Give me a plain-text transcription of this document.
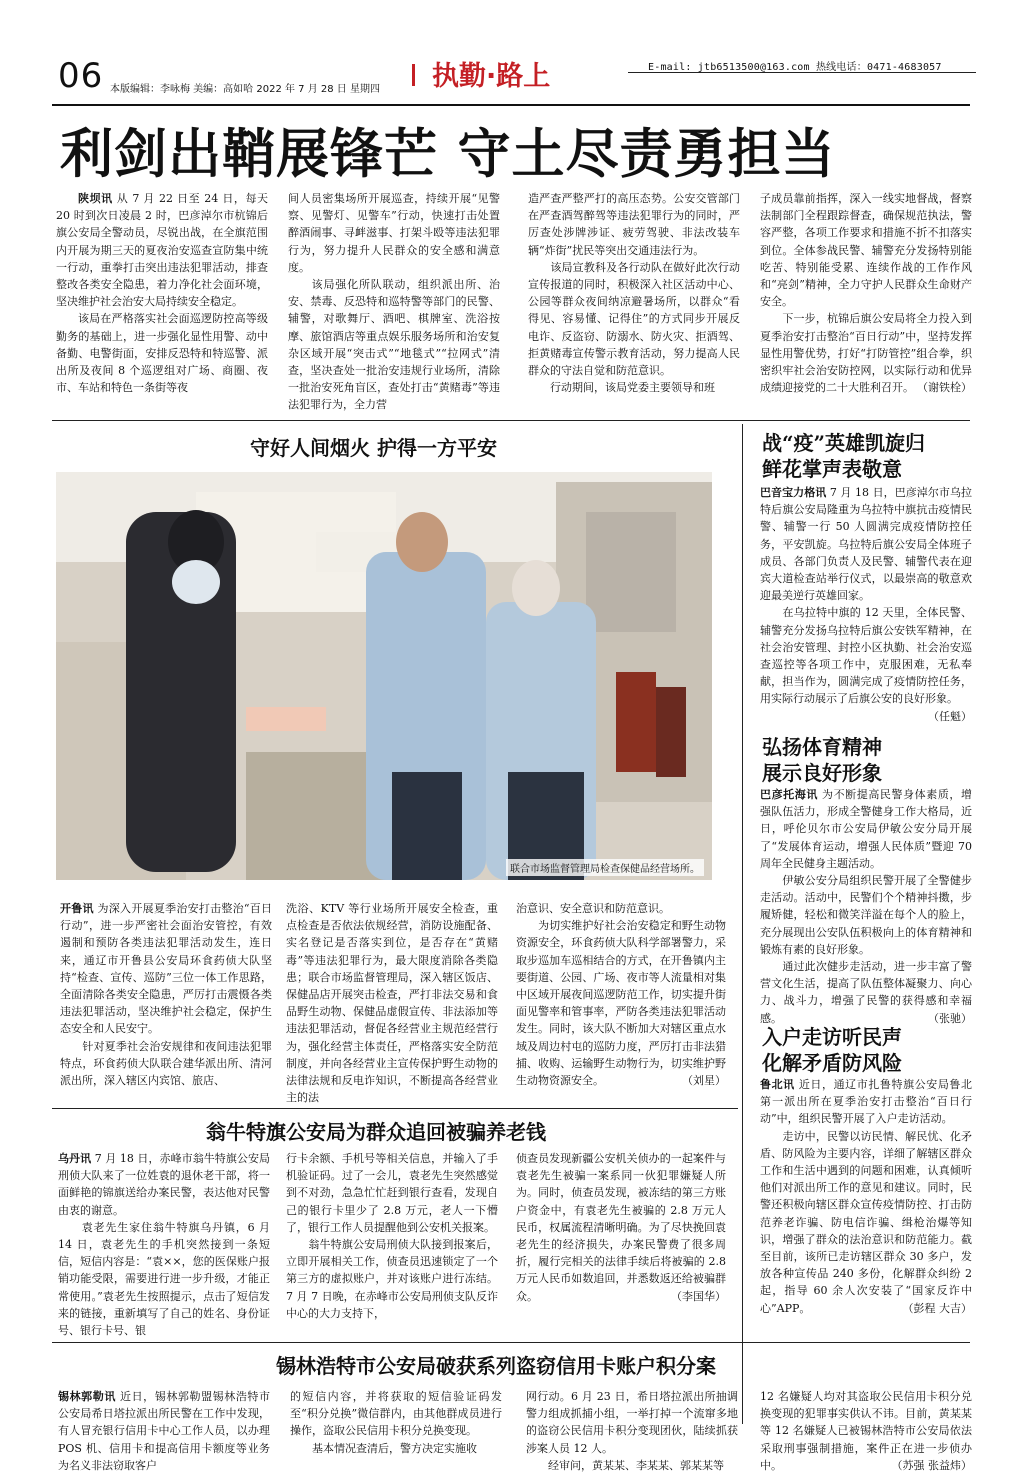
06 本版编辑：李咏梅 美编：高如哈 2022 年 7 月 28 日 星期四 执勤·路上	E-mail: jtb6513500@163.com 热线电话：0471-4683057
利剑出鞘展锋芒 守土尽责勇担当

陕坝讯 从 7 月 22 日至 24 日，每天 20 时到次日凌晨 2 时，巴彦淖尔市杭锦后旗公安局全警动员，尽锐出战，在全旗范围内开展为期三天的夏夜治安巡查宣防集中统一行动，重拳打击突出违法犯罪活动，排查整改各类安全隐患，着力净化社会面环境，坚决维护社会治安大局持续安全稳定。

该局在严格落实社会面巡逻防控高等级勤务的基础上，进一步强化显性用警、动中备勤、电警街面，安排反恐特和特巡警、派出所及夜间 8 个巡逻组对广场、商圈、夜市、车站和特色一条街等夜

间人员密集场所开展巡查，持续开展“见警察、见警灯、见警车”行动，快速打击处置醉酒闹事、寻衅滋事、打架斗殴等违法犯罪行为，努力提升人民群众的安全感和满意度。
　　该局强化所队联动，组织派出所、治安、禁毒、反恐特和巡特警等部门的民警、辅警，对歌舞厅、酒吧、棋牌室、洗浴按摩、旅馆酒店等重点娱乐服务场所和治安复杂区域开展“突击式”“地毯式”“拉网式”清查，坚决查处一批治安违规行业场所，清除一批治安死角盲区，查处打击“黄赌毒”等违法犯罪行为，全力营
造严查严整严打的高压态势。公安交管部门在严查酒驾醉驾等违法犯罪行为的同时，严厉查处涉牌涉证、疲劳驾驶、非法改装车辆“炸街”扰民等突出交通违法行为。
　　该局宣教科及各行动队在做好此次行动宣传报道的同时，积极深入社区活动中心、公园等群众夜间纳凉避暑场所，以群众“看得见、容易懂、记得住”的方式同步开展反电诈、反盗窃、防溺水、防火灾、拒酒驾、拒黄赌毒宣传警示教育活动，努力提高人民群众的守法自觉和防范意识。
　　行动期间，该局党委主要领导和班
子成员靠前指挥，深入一线实地督战，督察法制部门全程跟踪督查，确保规范执法，警容严整，各项工作要求和措施不折不扣落实到位。全体参战民警、辅警充分发扬特别能吃苦、特别能受累、连续作战的工作作风和“亮剑”精神，全力守护人民群众生命财产安全。
　　下一步，杭锦后旗公安局将全力投入到夏季治安打击整治“百日行动”中，坚持发挥显性用警优势，打好“打防管控”组合拳，织密织牢社会治安防控网，以实际行动和优异成绩迎接党的二十大胜利召开。 （谢铁栓）
守好人间烟火 护得一方平安
联合市场监督管理局检查保健品经营场所。
开鲁讯 为深入开展夏季治安打击整治“百日行动”，进一步严密社会面治安管控，有效遏制和预防各类违法犯罪活动发生，连日来，通辽市开鲁县公安局环食药侦大队坚持“检查、宣传、巡防”三位一体工作思路，全面清除各类安全隐患，严厉打击震慑各类违法犯罪活动，坚决维护社会稳定，保护生态安全和人民安宁。
　　针对夏季社会治安规律和夜间违法犯罪特点，环食药侦大队联合建华派出所、清河派出所，深入辖区内宾馆、旅店、
洗浴、KTV 等行业场所开展安全检查，重点检查是否依法依规经营，消防设施配备、实名登记是否落实到位，是否存在“黄赌毒”等违法犯罪行为，最大限度消除各类隐患；联合市场监督管理局，深入辖区饭店、保健品店开展突击检查，严打非法交易和食品野生动物、保健品虚假宣传、非法添加等违法犯罪活动，督促各经营业主规范经营行为，强化经营主体责任，严格落实安全防范制度，并向各经营业主宣传保护野生动物的法律法规和反电诈知识，不断提高各经营业主的法
治意识、安全意识和防范意识。
　　为切实维护好社会治安稳定和野生动物资源安全，环食药侦大队科学部署警力，采取步巡加车巡相结合的方式，在开鲁镇内主要街道、公园、广场、夜市等人流量相对集中区域开展夜间巡逻防范工作，切实提升街面见警率和管事率，严防各类违法犯罪活动发生。同时，该大队不断加大对辖区重点水域及周边村屯的巡防力度，严厉打击非法猎捕、收购、运输野生动物行为，切实维护野生动物资源安全。	（刘星）
战“疫”英雄凯旋归
鲜花掌声表敬意
巴音宝力格讯 7 月 18 日，巴彦淖尔市乌拉特后旗公安局隆重为乌拉特中旗抗击疫情民警、辅警一行 50 人圆满完成疫情防控任务，平安凯旋。乌拉特后旗公安局全体班子成员、各部门负责人及民警、辅警代表在迎宾大道检查站举行仪式，以最崇高的敬意欢迎最美逆行英雄回家。
　　在乌拉特中旗的 12 天里，全体民警、辅警充分发扬乌拉特后旗公安铁军精神，在社会治安管理、封控小区执勤、社会治安巡查巡控等各项工作中，克服困难，无私奉献，担当作为，圆满完成了疫情防控任务，用实际行动展示了后旗公安的良好形象。
（任魁）
弘扬体育精神
展示良好形象
巴彦托海讯 为不断提高民警身体素质，增强队伍活力，形成全警健身工作大格局，近日，呼伦贝尔市公安局伊敏公安分局开展了“发展体育运动，增强人民体质”暨迎 70 周年全民健身主题活动。
　　伊敏公安分局组织民警开展了全警健步走活动。活动中，民警们个个精神抖擞，步履矫健，轻松和微笑洋溢在每个人的脸上，充分展现出公安队伍积极向上的体育精神和锻炼有素的良好形象。
　　通过此次健步走活动，进一步丰富了警营文化生活，提高了队伍整体凝聚力、向心力、战斗力，增强了民警的获得感和幸福感。	（张驰）
入户走访听民声
化解矛盾防风险
鲁北讯 近日，通辽市扎鲁特旗公安局鲁北第一派出所在夏季治安打击整治“百日行动”中，组织民警开展了入户走访活动。
　　走访中，民警以访民情、解民忧、化矛盾、防风险为主要内容，详细了解辖区群众工作和生活中遇到的问题和困难，认真倾听他们对派出所工作的意见和建议。同时，民警还积极向辖区群众宣传疫情防控、打击防范养老诈骗、防电信诈骗、缉枪治爆等知识，增强了群众的法治意识和防范能力。截至目前，该所已走访辖区群众 30 多户，发放各种宣传品 240 多份，化解群众纠纷 2 起，指导 60 余人次安装了“国家反诈中心”APP。	（彭程 大吉）
翁牛特旗公安局为群众追回被骗养老钱
乌丹讯 7 月 18 日，赤峰市翁牛特旗公安局刑侦大队来了一位姓袁的退休老干部，将一面鲜艳的锦旗送给办案民警，表达他对民警由衷的谢意。
　　袁老先生家住翁牛特旗乌丹镇，6 月 14 日，袁老先生的手机突然接到一条短信，短信内容是：“袁××，您的医保账户报销功能受限，需要进行进一步升级，才能正常使用。”袁老先生按照提示，点击了短信发来的链接，重新填写了自己的姓名、身份证号、银行卡号、银
行卡余额、手机号等相关信息，并输入了手机验证码。过了一会儿，袁老先生突然感觉到不对劲，急急忙忙赶到银行查看，发现自己的银行卡里少了 2.8 万元，老人一下懵了，银行工作人员提醒他到公安机关报案。
　　翁牛特旗公安局刑侦大队接到报案后，立即开展相关工作，侦查员迅速锁定了一个第三方的虚拟账户，并对该账户进行冻结。7 月 7 日晚，在赤峰市公安局刑侦支队反诈中心的大力支持下，
侦查员发现新疆公安机关侦办的一起案件与袁老先生被骗一案系同一伙犯罪嫌疑人所为。同时，侦查员发现，被冻结的第三方账户资金中，有袁老先生被骗的 2.8 万元人民币，权属流程清晰明确。为了尽快挽回袁老先生的经济损失，办案民警费了很多周折，履行完相关的法律手续后将被骗的 2.8 万元人民币如数追回，并悉数返还给被骗群众。	（李国华）
锡林浩特市公安局破获系列盗窃信用卡账户积分案
锡林郭勒讯 近日，锡林郭勒盟锡林浩特市公安局希日塔拉派出所民警在工作中发现，有人冒充银行信用卡中心工作人员，以办理 POS 机、信用卡和提高信用卡额度等业务为名义非法窃取客户
的短信内容，并将获取的短信验证码发至“积分兑换”微信群内，由其他群成员进行操作，盗取公民信用卡积分兑换变现。
　　基本情况查清后，警方决定实施收
网行动。6 月 23 日，希日塔拉派出所抽调警力组成抓捕小组，一举打掉一个流窜多地的盗窃公民信用卡积分变现团伙，陆续抓获涉案人员 12 人。
　　经审问，黄某某、李某某、郭某某等
12 名嫌疑人均对其盗取公民信用卡积分兑换变现的犯罪事实供认不讳。目前，黄某某等 12 名嫌疑人已被锡林浩特市公安局依法采取刑事强制措施，案件正在进一步侦办中。	（苏强 张益炜）
